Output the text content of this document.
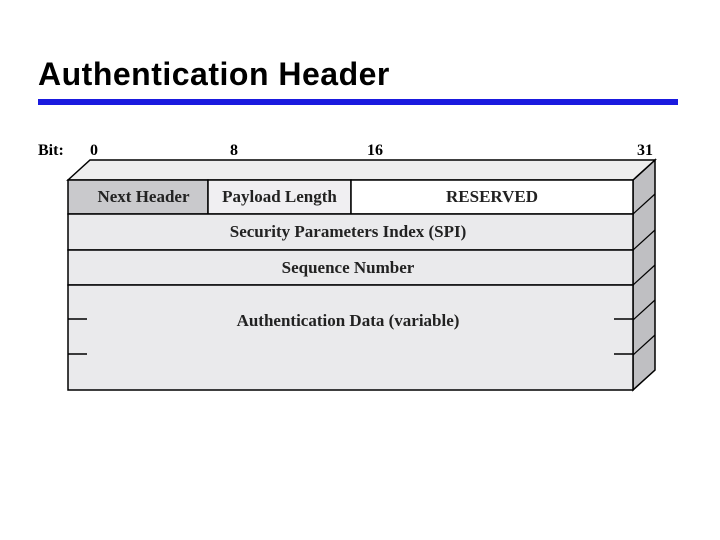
Authentication Header
Bit: 0	8	16	31
Next Header	Payload Length	RESERVED
Security Parameters Index (SPI)
Sequence Number
Authentication Data (variable)
